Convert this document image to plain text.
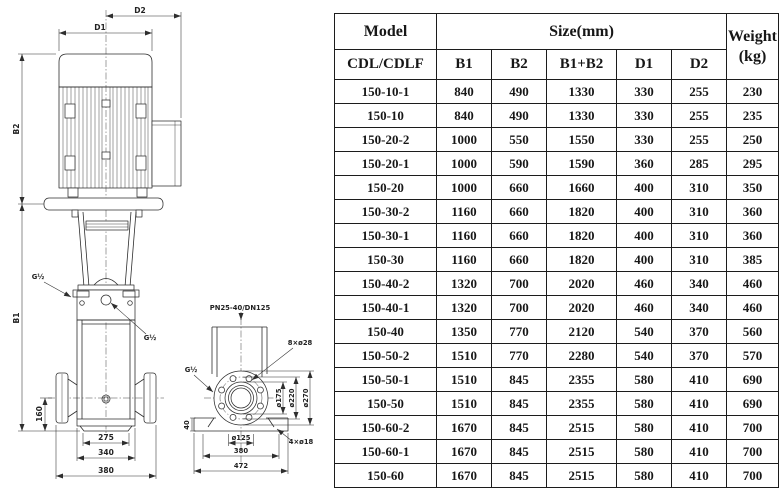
D2
D1
B2
B1
160
275
340
380
G½
G½
PN25-40/DN125
8×ø28
G½
4×ø18
ø175 ø220 ø270
40
ø125
380
472
Model	Size(mm)					Weight
(kg)
CDL/CDLF	B1	B2	B1+B2	D1	D2	
150-10-1	840	490	1330	330	255	230
150-10	840	490	1330	330	255	235
150-20-2	1000	550	1550	330	255	250
150-20-1	1000	590	1590	360	285	295
150-20	1000	660	1660	400	310	350
150-30-2	1160	660	1820	400	310	360
150-30-1	1160	660	1820	400	310	360
150-30	1160	660	1820	400	310	385
150-40-2	1320	700	2020	460	340	460
150-40-1	1320	700	2020	460	340	460
150-40	1350	770	2120	540	370	560
150-50-2	1510	770	2280	540	370	570
150-50-1	1510	845	2355	580	410	690
150-50	1510	845	2355	580	410	690
150-60-2	1670	845	2515	580	410	700
150-60-1	1670	845	2515	580	410	700
150-60	1670	845	2515	580	410	700
